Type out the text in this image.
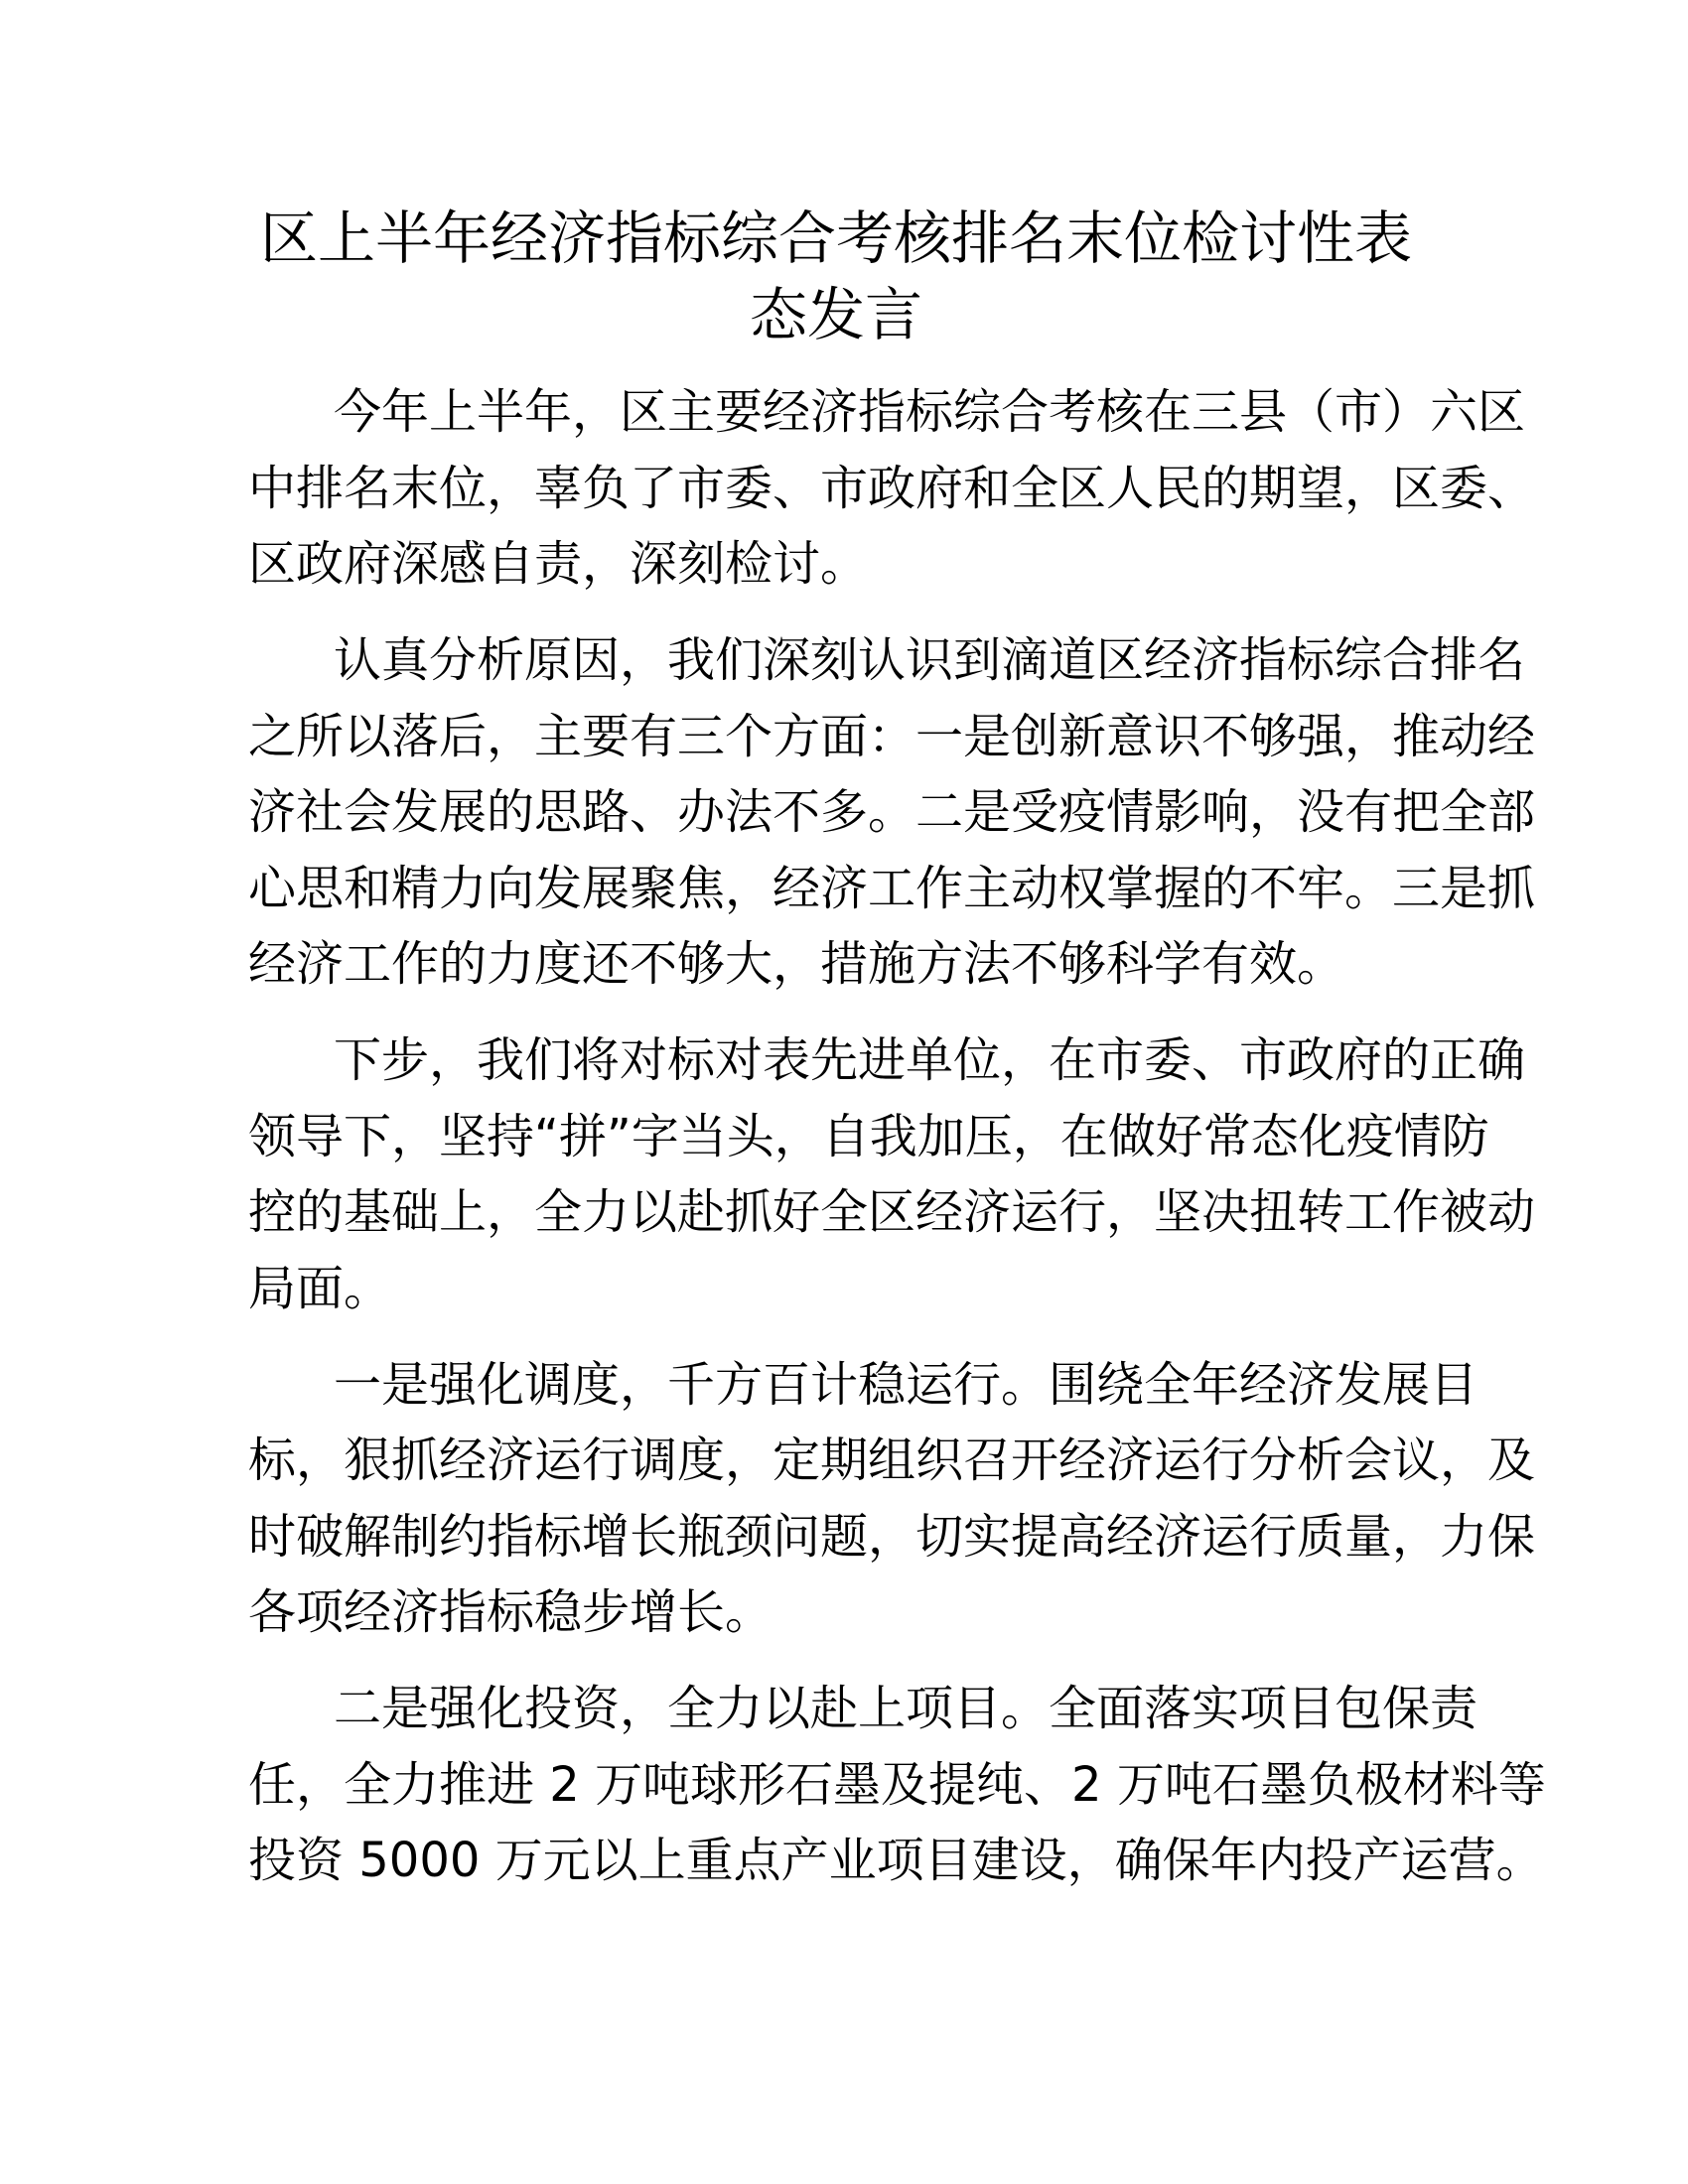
区上半年经济指标综合考核排名末位检讨性表
态发言

今年上半年，区主要经济指标综合考核在三县（市）六区
中排名末位，辜负了市委、市政府和全区人民的期望，区委、
区政府深感自责，深刻检讨。

认真分析原因，我们深刻认识到滴道区经济指标综合排名
之所以落后，主要有三个方面：一是创新意识不够强，推动经
济社会发展的思路、办法不多。二是受疫情影响，没有把全部
心思和精力向发展聚焦，经济工作主动权掌握的不牢。三是抓
经济工作的力度还不够大，措施方法不够科学有效。

下步，我们将对标对表先进单位，在市委、市政府的正确
领导下，坚持“拼”字当头，自我加压，在做好常态化疫情防
控的基础上，全力以赴抓好全区经济运行，坚决扭转工作被动
局面。

一是强化调度，千方百计稳运行。围绕全年经济发展目
标，狠抓经济运行调度，定期组织召开经济运行分析会议，及
时破解制约指标增长瓶颈问题，切实提高经济运行质量，力保
各项经济指标稳步增长。

二是强化投资，全力以赴上项目。全面落实项目包保责
任，全力推进 2 万吨球形石墨及提纯、2 万吨石墨负极材料等
投资 5000 万元以上重点产业项目建设，确保年内投产运营。
